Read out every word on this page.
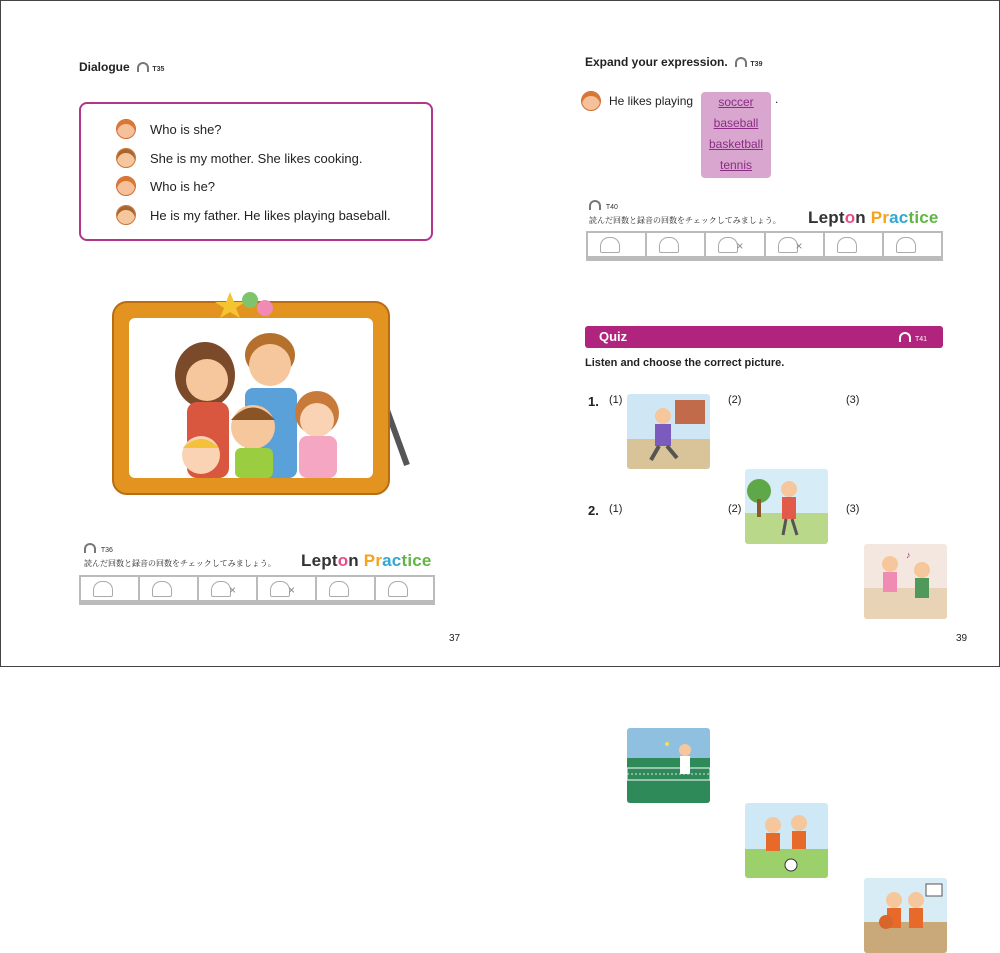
Dialogue	T35
Who is she?
She is my mother. She likes cooking.
Who is he?
He is my father. He likes playing baseball.
T36
読んだ回数と録音の回数をチェックしてみましょう。 Lepton Practice
×	×
37
Expand your expression.	T39
He likes playing	soccer
baseball
basketball
tennis
.
T40
読んだ回数と録音の回数をチェックしてみましょう。 Lepton Practice
×	×
Quiz	T41
Listen and choose the correct picture.
1. (1)	(2)	(3)
♪
2. (1)	(2)	(3)
39
